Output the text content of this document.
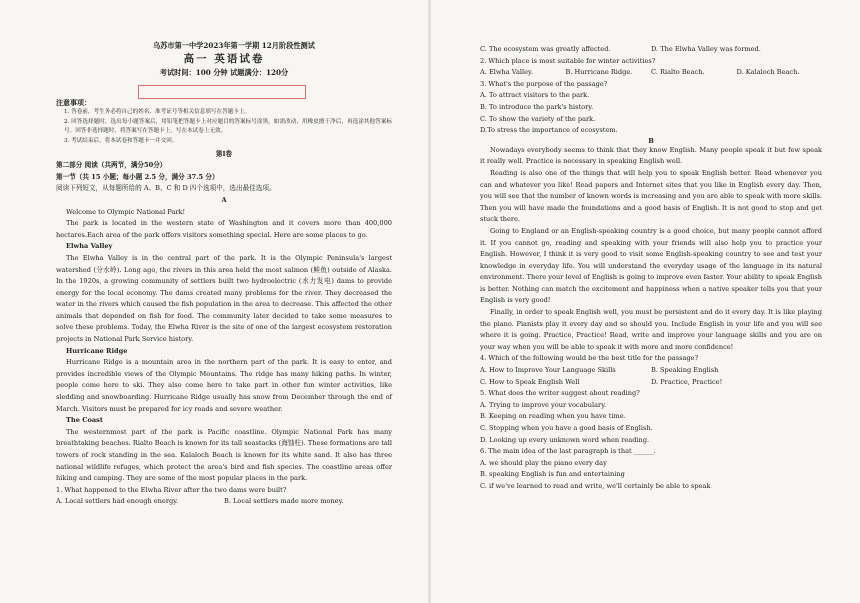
乌苏市第一中学2023年第一学期 12月阶段性测试

高一 英语试卷

考试时间：100 分钟 试题满分：120分

注意事项：

1. 答卷前，考生务必将自己的姓名、准考证号等相关信息填写在答题卡上。

2. 回答选择题时，选出每小题答案后，用铅笔把答题卡上对应题目的答案标号涂黑，如需改动，用橡皮擦干净后，再选涂其他答案标号。回答非选择题时，将答案写在答题卡上，写在本试卷上无效。

3. 考试结束后，将本试卷和答题卡一并交回。

第Ⅰ卷

第二部分 阅读（共两节，满分50分）

第一节（共 15 小题；每小题 2.5 分，满分 37.5 分）

阅读下列短文，从每题所给的 A、B、C 和 D 四个选项中，选出最佳选项。

A

Welcome to Olympic National Park!

The park is located in the western state of Washington and it covers more than 400,000 hectares.Each area of the park offers visitors something special. Here are some places to go.

Elwha Valley

The Elwha Valley is in the central part of the park. It is the Olympic Peninsula's largest watershed (分水岭). Long ago, the rivers in this area held the most salmon (鲑鱼) outside of Alaska. In the 1920s, a growing community of settlers built two hydroelectric (水力发电) dams to provide energy for the local economy. The dams created many problems for the river. They decreased the water in the rivers which caused the fish population in the area to decrease. This affected the other animals that depended on fish for food. The community later decided to take some measures to solve these problems. Today, the Elwha River is the site of one of the largest ecosystem restoration projects in National Park Service history.

Hurricane Ridge

Hurricane Ridge is a mountain area in the northern part of the park. It is easy to enter, and provides incredible views of the Olympic Mountains. The ridge has many hiking paths. In winter, people come here to ski. They also come here to take part in other fun winter activities, like sledding and snowboarding. Hurricane Ridge usually has snow from December through the end of March. Visitors must be prepared for icy roads and severe weather.

The Coast

The westernmost part of the park is Pacific coastline. Olympic National Park has many breathtaking beaches. Rialto Beach is known for its tall seastacks (海蚀柱). These formations are tall towers of rock standing in the sea. Kalaloch Beach is known for its white sand. It also has three national wildlife refuges, which protect the area's bird and fish species. The coastline areas offer hiking and camping. They are some of the most popular places in the park.

1. What happened to the Elwha River after the two dams were built?

A. Local settlers had enough energy.	B. Local settlers made more money.
C. The ecosystem was greatly affected.	D. The Elwha Valley was formed.

2. Which place is most suitable for winter activities?

A. Elwha Valley.	B. Hurricane Ridge.	C. Rialto Beach.	D. Kalaloch Beach.

3. What's the purpose of the passage?

A. To attract visitors to the park.

B. To introduce the park's history.

C. To show the variety of the park.

D.To stress the importance of ecosystem.

B

Nowadays everybody seems to think that they know English. Many people speak it but few speak it really well. Practice is necessary in speaking English well.

Reading is also one of the things that will help you to speak English better. Read whenever you can and whatever you like! Read papers and Internet sites that you like in English every day. Then, you will see that the number of known words is increasing and you are able to speak with more skills. Then you will have made the foundations and a good basis of English. It is not good to stop and get stuck there.

Going to England or an English-speaking country is a good choice, but many people cannot afford it. If you cannot go, reading and speaking with your friends will also help you to practice your English. However, I think it is very good to visit some English-speaking country to see and test your knowledge in everyday life. You will understand the everyday usage of the language in its natural environment. There your level of English is going to improve even faster. Your ability to speak English is better. Nothing can match the excitement and happiness when a native speaker tells you that your English is very good!

Finally, in order to speak English well, you must be persistent and do it every day. It is like playing the piano. Pianists play it every day and so should you. Include English in your life and you will see where it is going. Practice, Practice! Read, write and improve your language skills and you are on your way when you will be able to speak it with more and more confidence!

4. Which of the following would be the best title for the passage?

A. How to Improve Your Language Skills	B. Speaking English
C. How to Speak English Well	D. Practice, Practice!

5. What does the writer suggest about reading?

A. Trying to improve your vocabulary.

B. Keeping on reading when you have time.

C. Stopping when you have a good basis of English.

D. Looking up every unknown word when reading.

6. The main idea of the last paragraph is that ______.

A. we should play the piano every day

B. speaking English is fun and entertaining

C. if we've learned to read and write, we'll certainly be able to speak
